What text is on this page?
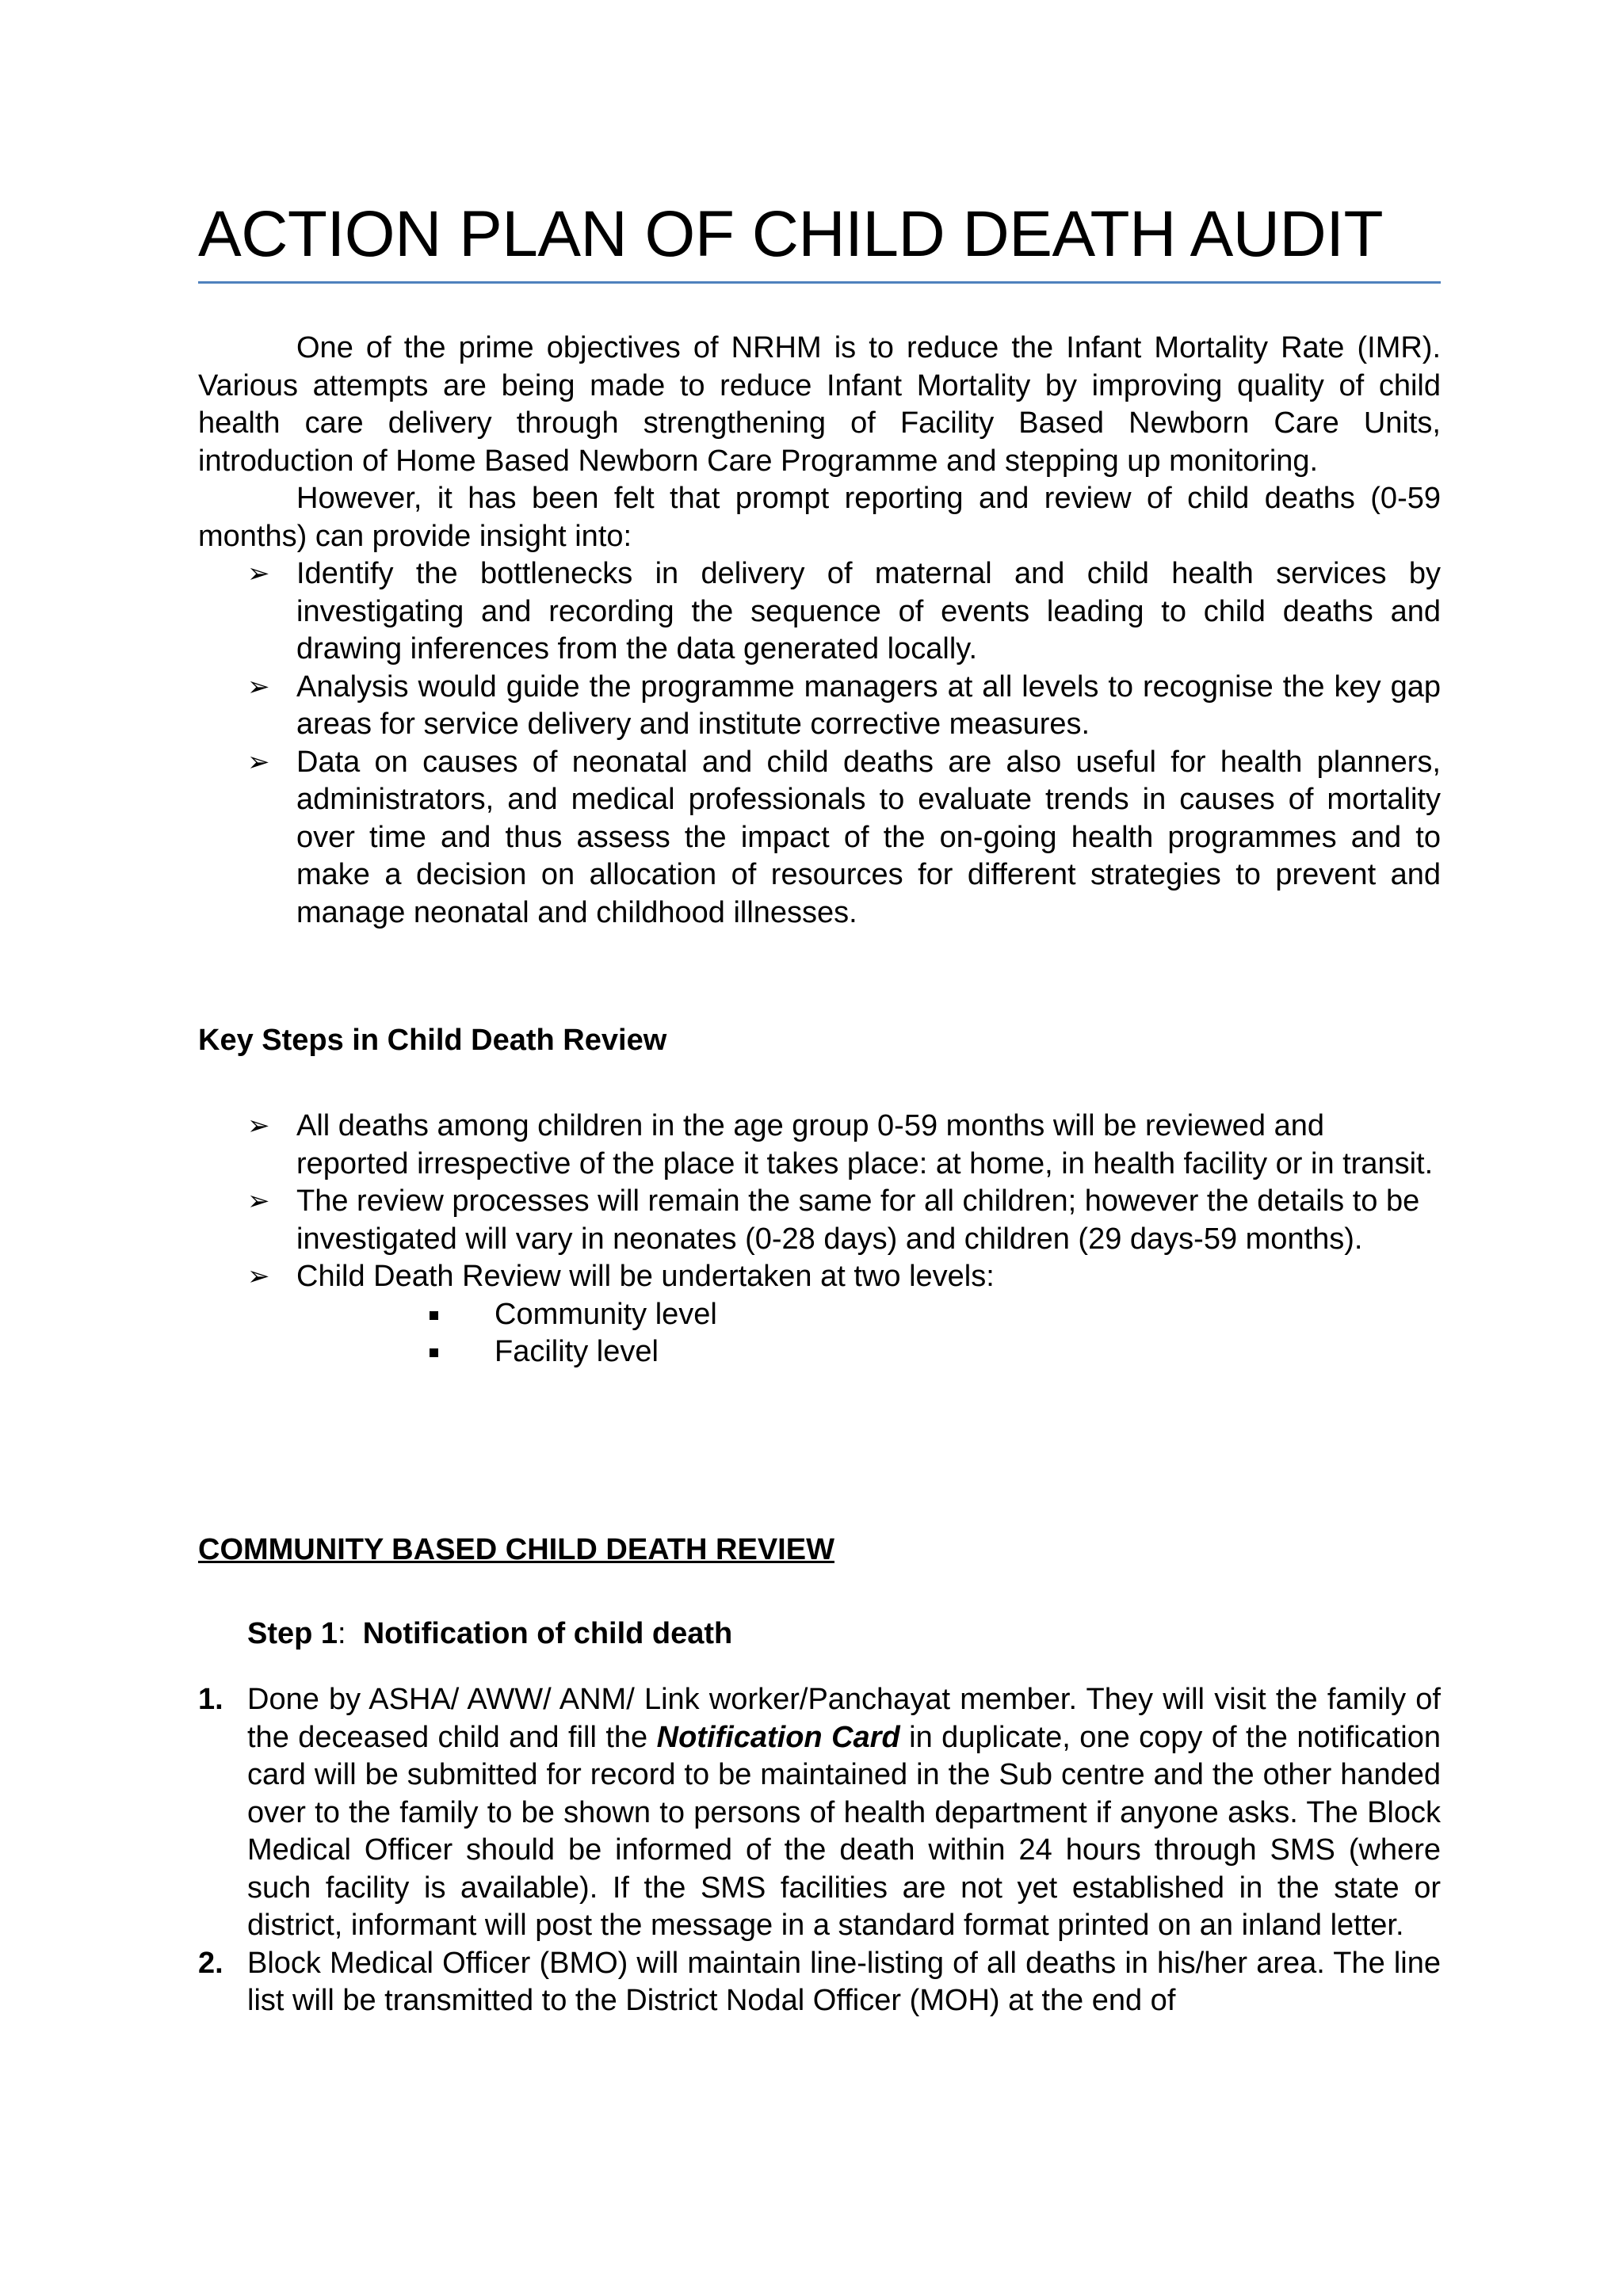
ACTION PLAN OF CHILD DEATH AUDIT

One of the prime objectives of NRHM is to reduce the Infant Mortality Rate (IMR). Various attempts are being made to reduce Infant Mortality by improving quality of child health care delivery through strengthening of Facility Based Newborn Care Units, introduction of Home Based Newborn Care Programme and stepping up monitoring.

However, it has been felt that prompt reporting and review of child deaths (0-59 months) can provide insight into:

➢ Identify the bottlenecks in delivery of maternal and child health services by investigating and recording the sequence of events leading to child deaths and drawing inferences from the data generated locally.
➢ Analysis would guide the programme managers at all levels to recognise the key gap areas for service delivery and institute corrective measures.
➢ Data on causes of neonatal and child deaths are also useful for health planners, administrators, and medical professionals to evaluate trends in causes of mortality over time and thus assess the impact of the on-going health programmes and to make a decision on allocation of resources for different strategies to prevent and manage neonatal and childhood illnesses.
Key Steps in Child Death Review
➢ All deaths among children in the age group 0-59 months will be reviewed and reported irrespective of the place it takes place: at home, in health facility or in transit.
➢ The review processes will remain the same for all children; however the details to be investigated will vary in neonates (0-28 days) and children (29 days-59 months).
➢ Child Death Review will be undertaken at two levels:
Community level
Facility level
COMMUNITY BASED CHILD DEATH REVIEW
Step 1: Notification of child death
1. Done by ASHA/ AWW/ ANM/ Link worker/Panchayat member. They will visit the family of the deceased child and fill the Notification Card in duplicate, one copy of the notification card will be submitted for record to be maintained in the Sub centre and the other handed over to the family to be shown to persons of health department if anyone asks. The Block Medical Officer should be informed of the death within 24 hours through SMS (where such facility is available). If the SMS facilities are not yet established in the state or district, informant will post the message in a standard format printed on an inland letter.
2. Block Medical Officer (BMO) will maintain line-listing of all deaths in his/her area. The line list will be transmitted to the District Nodal Officer (MOH) at the end of
